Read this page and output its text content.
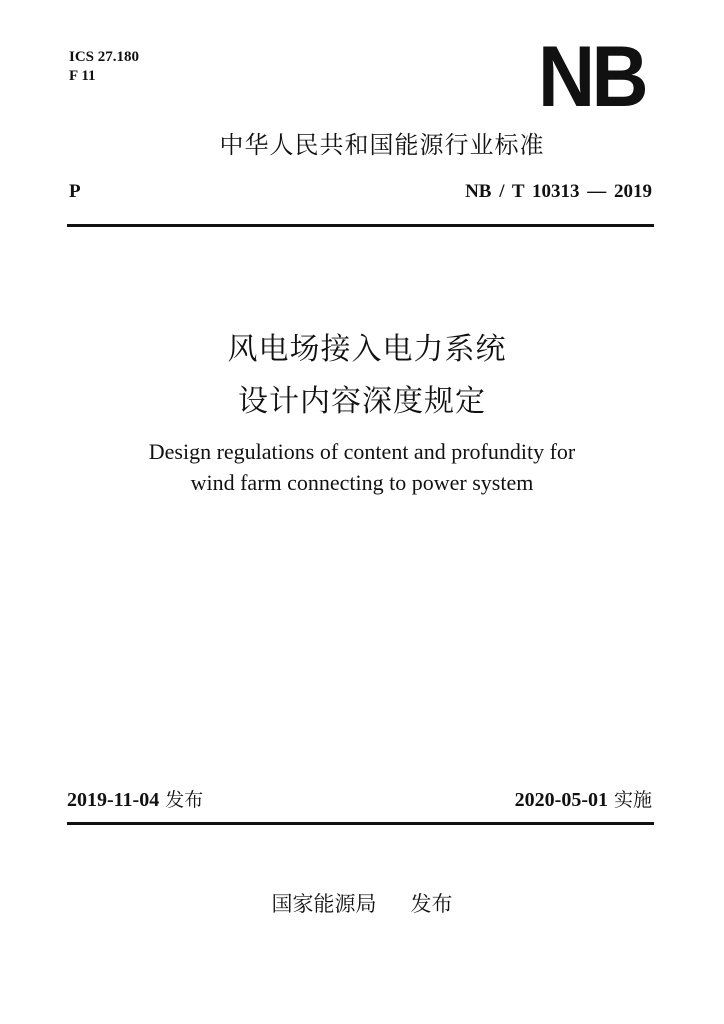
ICS 27.180
F 11	NB
中华人民共和国能源行业标准
P	NB / T 10313 — 2019
风电场接入电力系统
设计内容深度规定
Design regulations of content and profundity for
wind farm connecting to power system
2019-11-04 发布	2020-05-01 实施
国家能源局 发布
